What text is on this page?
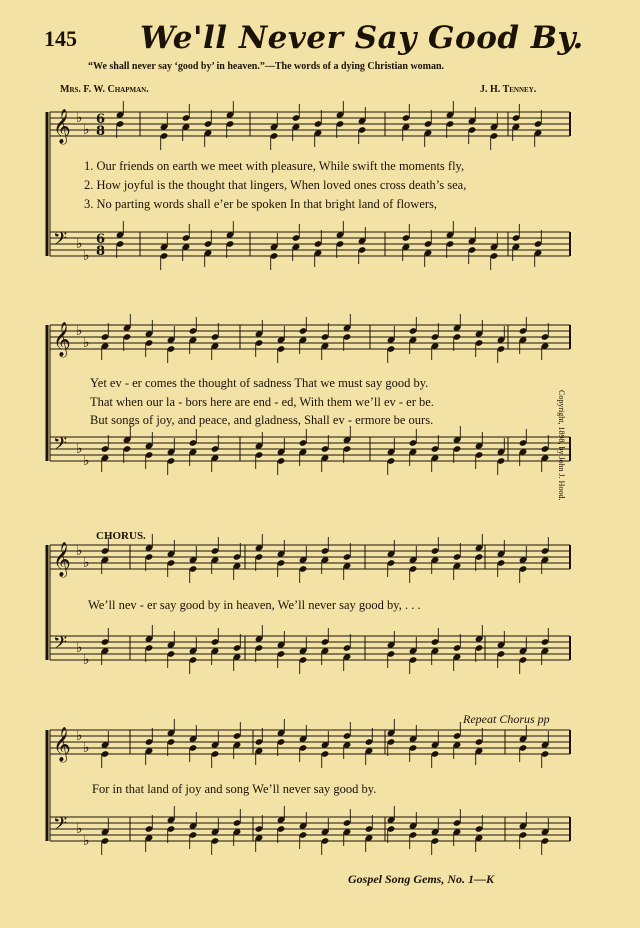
145 We'll Never Say Good By.
“We shall never say ‘good by’ in heaven.”—The words of a dying Christian woman.
Mrs. F. W. Chapman.	J. H. Tenney.
𝄞 ♭
♭
6
8
𝄢 ♭
♭
6
8
𝄞 ♭
♭
𝄢 ♭
♭
𝄞 ♭
♭
𝄢 ♭
♭
𝄞 ♭
♭
𝄢 ♭
♭
1. Our friends on earth we meet with pleasure, While swift the moments fly,
2. How joyful is the thought that lingers, When loved ones cross death’s sea,
3. No parting words shall e’er be spoken In that bright land of flowers,
Yet ev - er comes the thought of sadness That we must say good by.
That when our la - bors here are end - ed, With them we’ll ev - er be.
But songs of joy, and peace, and gladness, Shall ev - ermore be ours.
CHORUS.
We’ll nev - er say good by in heaven, We’ll never say good by, . . .
Repeat Chorus pp
For in that land of joy and song We’ll never say good by.
Copyright, 1898, by John J. Hood.
Gospel Song Gems, No. 1—K
